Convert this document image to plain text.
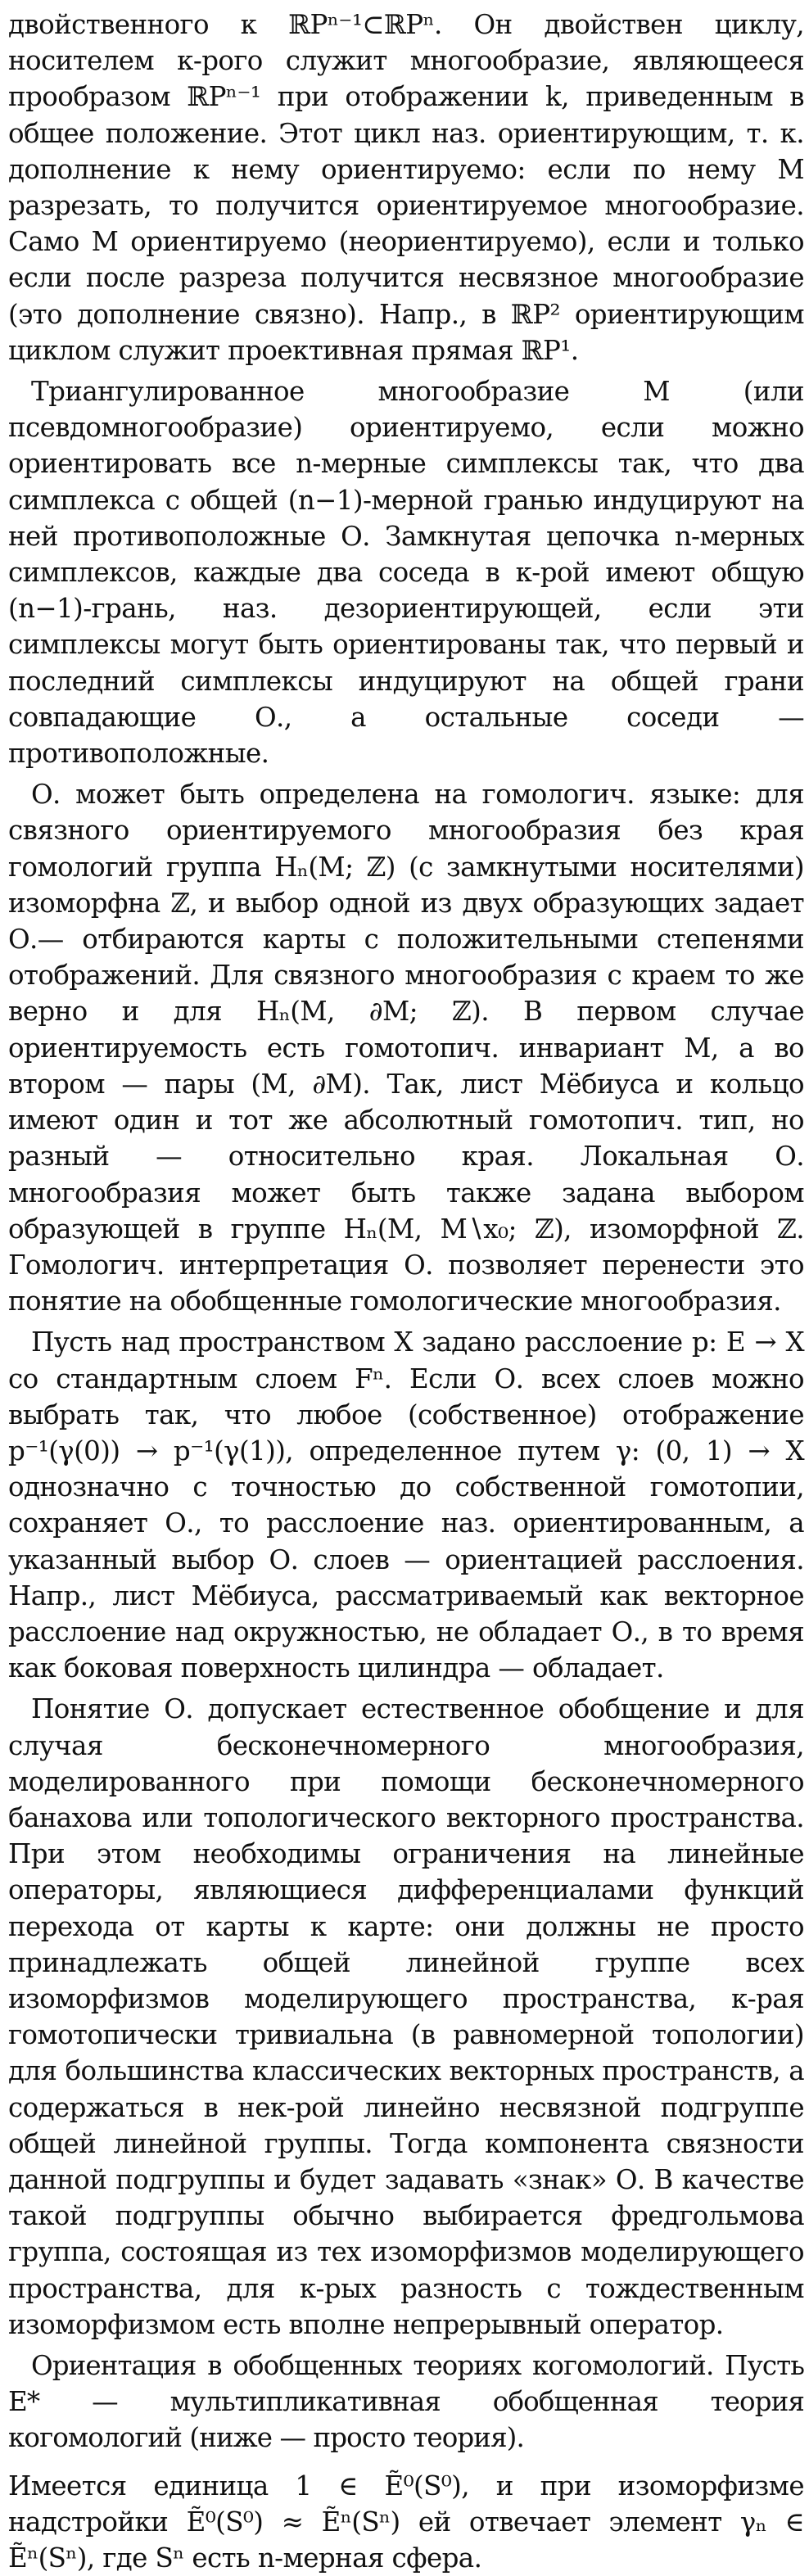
двойственного к ℝPⁿ⁻¹⊂ℝPⁿ. Он двойствен циклу, носителем к-рого служит многообразие, являющееся прообразом ℝPⁿ⁻¹ при отображении k, приведенным в общее положение. Этот цикл наз. ориентирующим, т. к. дополнение к нему ориентируемо: если по нему M разрезать, то получится ориентируемое многообразие. Само M ориентируемо (неориентируемо), если и только если после разреза получится несвязное многообразие (это дополнение связно). Напр., в ℝP² ориентирующим циклом служит проективная прямая ℝP¹.

Триангулированное многообразие M (или псевдомногообразие) ориентируемо, если можно ориентировать все n-мерные симплексы так, что два симплекса с общей (n−1)-мерной гранью индуцируют на ней противоположные О. Замкнутая цепочка n-мерных симплексов, каждые два соседа в к-рой имеют общую (n−1)-грань, наз. дезориентирующей, если эти симплексы могут быть ориентированы так, что первый и последний симплексы индуцируют на общей грани совпадающие О., а остальные соседи — противоположные.

О. может быть определена на гомологич. языке: для связного ориентируемого многообразия без края гомологий группа Hₙ(M; ℤ) (с замкнутыми носителями) изоморфна ℤ, и выбор одной из двух образующих задает О.— отбираются карты с положительными степенями отображений. Для связного многообразия с краем то же верно и для Hₙ(M, ∂M; ℤ). В первом случае ориентируемость есть гомотопич. инвариант M, а во втором — пары (M, ∂M). Так, лист Мёбиуса и кольцо имеют один и тот же абсолютный гомотопич. тип, но разный — относительно края. Локальная О. многообразия может быть также задана выбором образующей в группе Hₙ(M, M∖x₀; ℤ), изоморфной ℤ. Гомологич. интерпретация О. позволяет перенести это понятие на обобщенные гомологические многообразия.

Пусть над пространством X задано расслоение p: E → X со стандартным слоем Fⁿ. Если О. всех слоев можно выбрать так, что любое (собственное) отображение p⁻¹(γ(0)) → p⁻¹(γ(1)), определенное путем γ: (0, 1) → X однозначно с точностью до собственной гомотопии, сохраняет О., то расслоение наз. ориентированным, а указанный выбор О. слоев — ориентацией расслоения. Напр., лист Мёбиуса, рассматриваемый как векторное расслоение над окружностью, не обладает О., в то время как боковая поверхность цилиндра — обладает.

Понятие О. допускает естественное обобщение и для случая бесконечномерного многообразия, моделированного при помощи бесконечномерного банахова или топологического векторного пространства. При этом необходимы ограничения на линейные операторы, являющиеся дифференциалами функций перехода от карты к карте: они должны не просто принадлежать общей линейной группе всех изоморфизмов моделирующего пространства, к-рая гомотопически тривиальна (в равномерной топологии) для большинства классических векторных пространств, а содержаться в нек-рой линейно несвязной подгруппе общей линейной группы. Тогда компонента связности данной подгруппы и будет задавать «знак» О. В качестве такой подгруппы обычно выбирается фредгольмова группа, состоящая из тех изоморфизмов моделирующего пространства, для к-рых разность с тождественным изоморфизмом есть вполне непрерывный оператор.

Ориентация в обобщенных теориях когомологий. Пусть E* — мультипликативная обобщенная теория когомологий (ниже — просто теория).

Имеется единица 1 ∈ Ẽ⁰(S⁰), и при изоморфизме надстройки Ẽ⁰(S⁰) ≈ Ẽⁿ(Sⁿ) ей отвечает элемент γₙ ∈ Ẽⁿ(Sⁿ), где Sⁿ есть n-мерная сфера.
